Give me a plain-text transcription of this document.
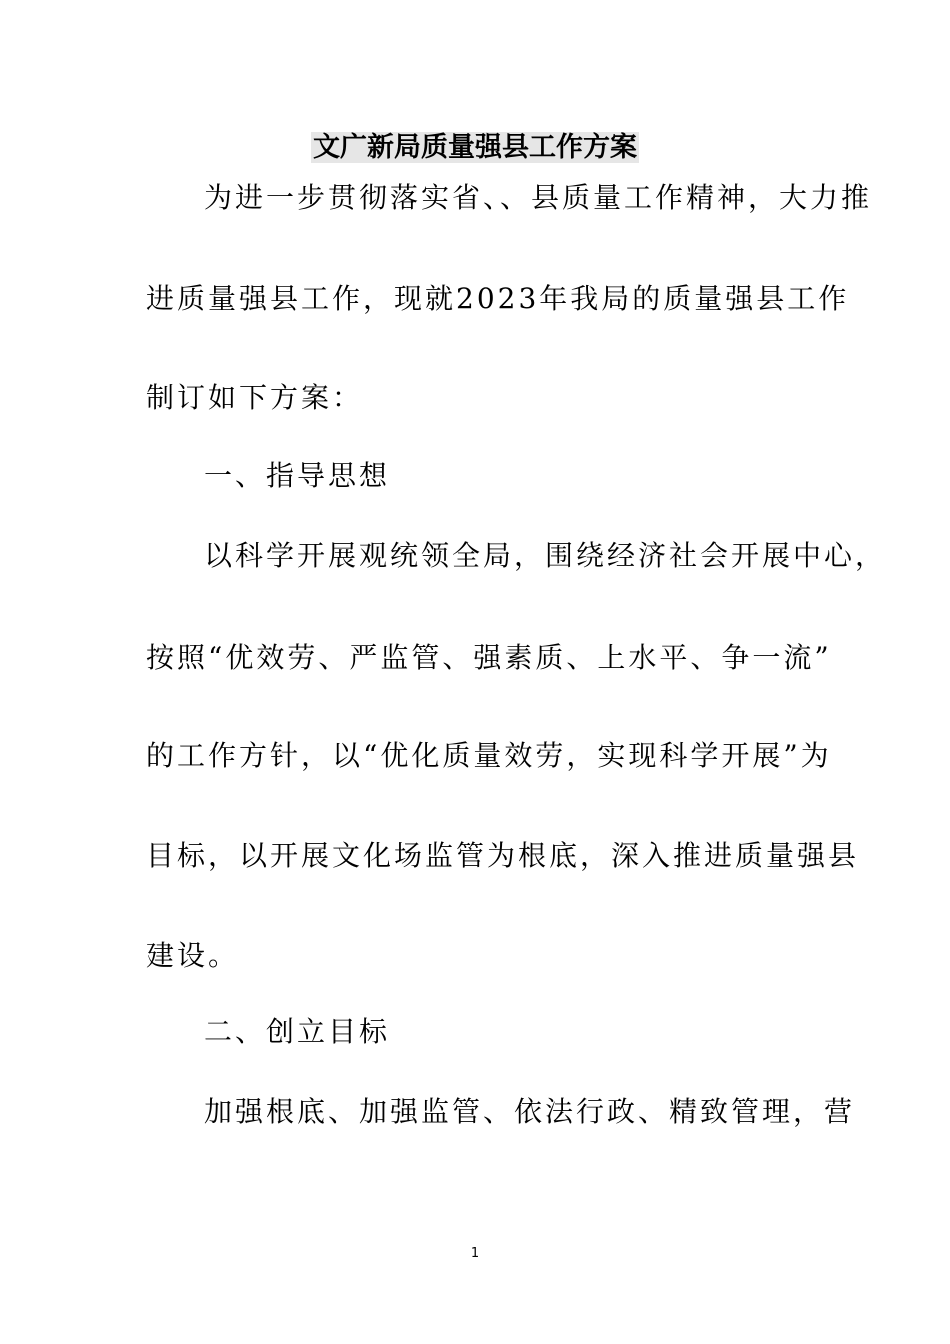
文广新局质量强县工作方案
为进一步贯彻落实省、、县质量工作精神，大力推
进质量强县工作，现就2023年我局的质量强县工作
制订如下方案：
一、指导思想
以科学开展观统领全局，围绕经济社会开展中心，
按照“优效劳、严监管、强素质、上水平、争一流”
的工作方针，以“优化质量效劳，实现科学开展”为
目标，以开展文化场监管为根底，深入推进质量强县
建设。
二、创立目标
加强根底、加强监管、依法行政、精致管理，营
1
